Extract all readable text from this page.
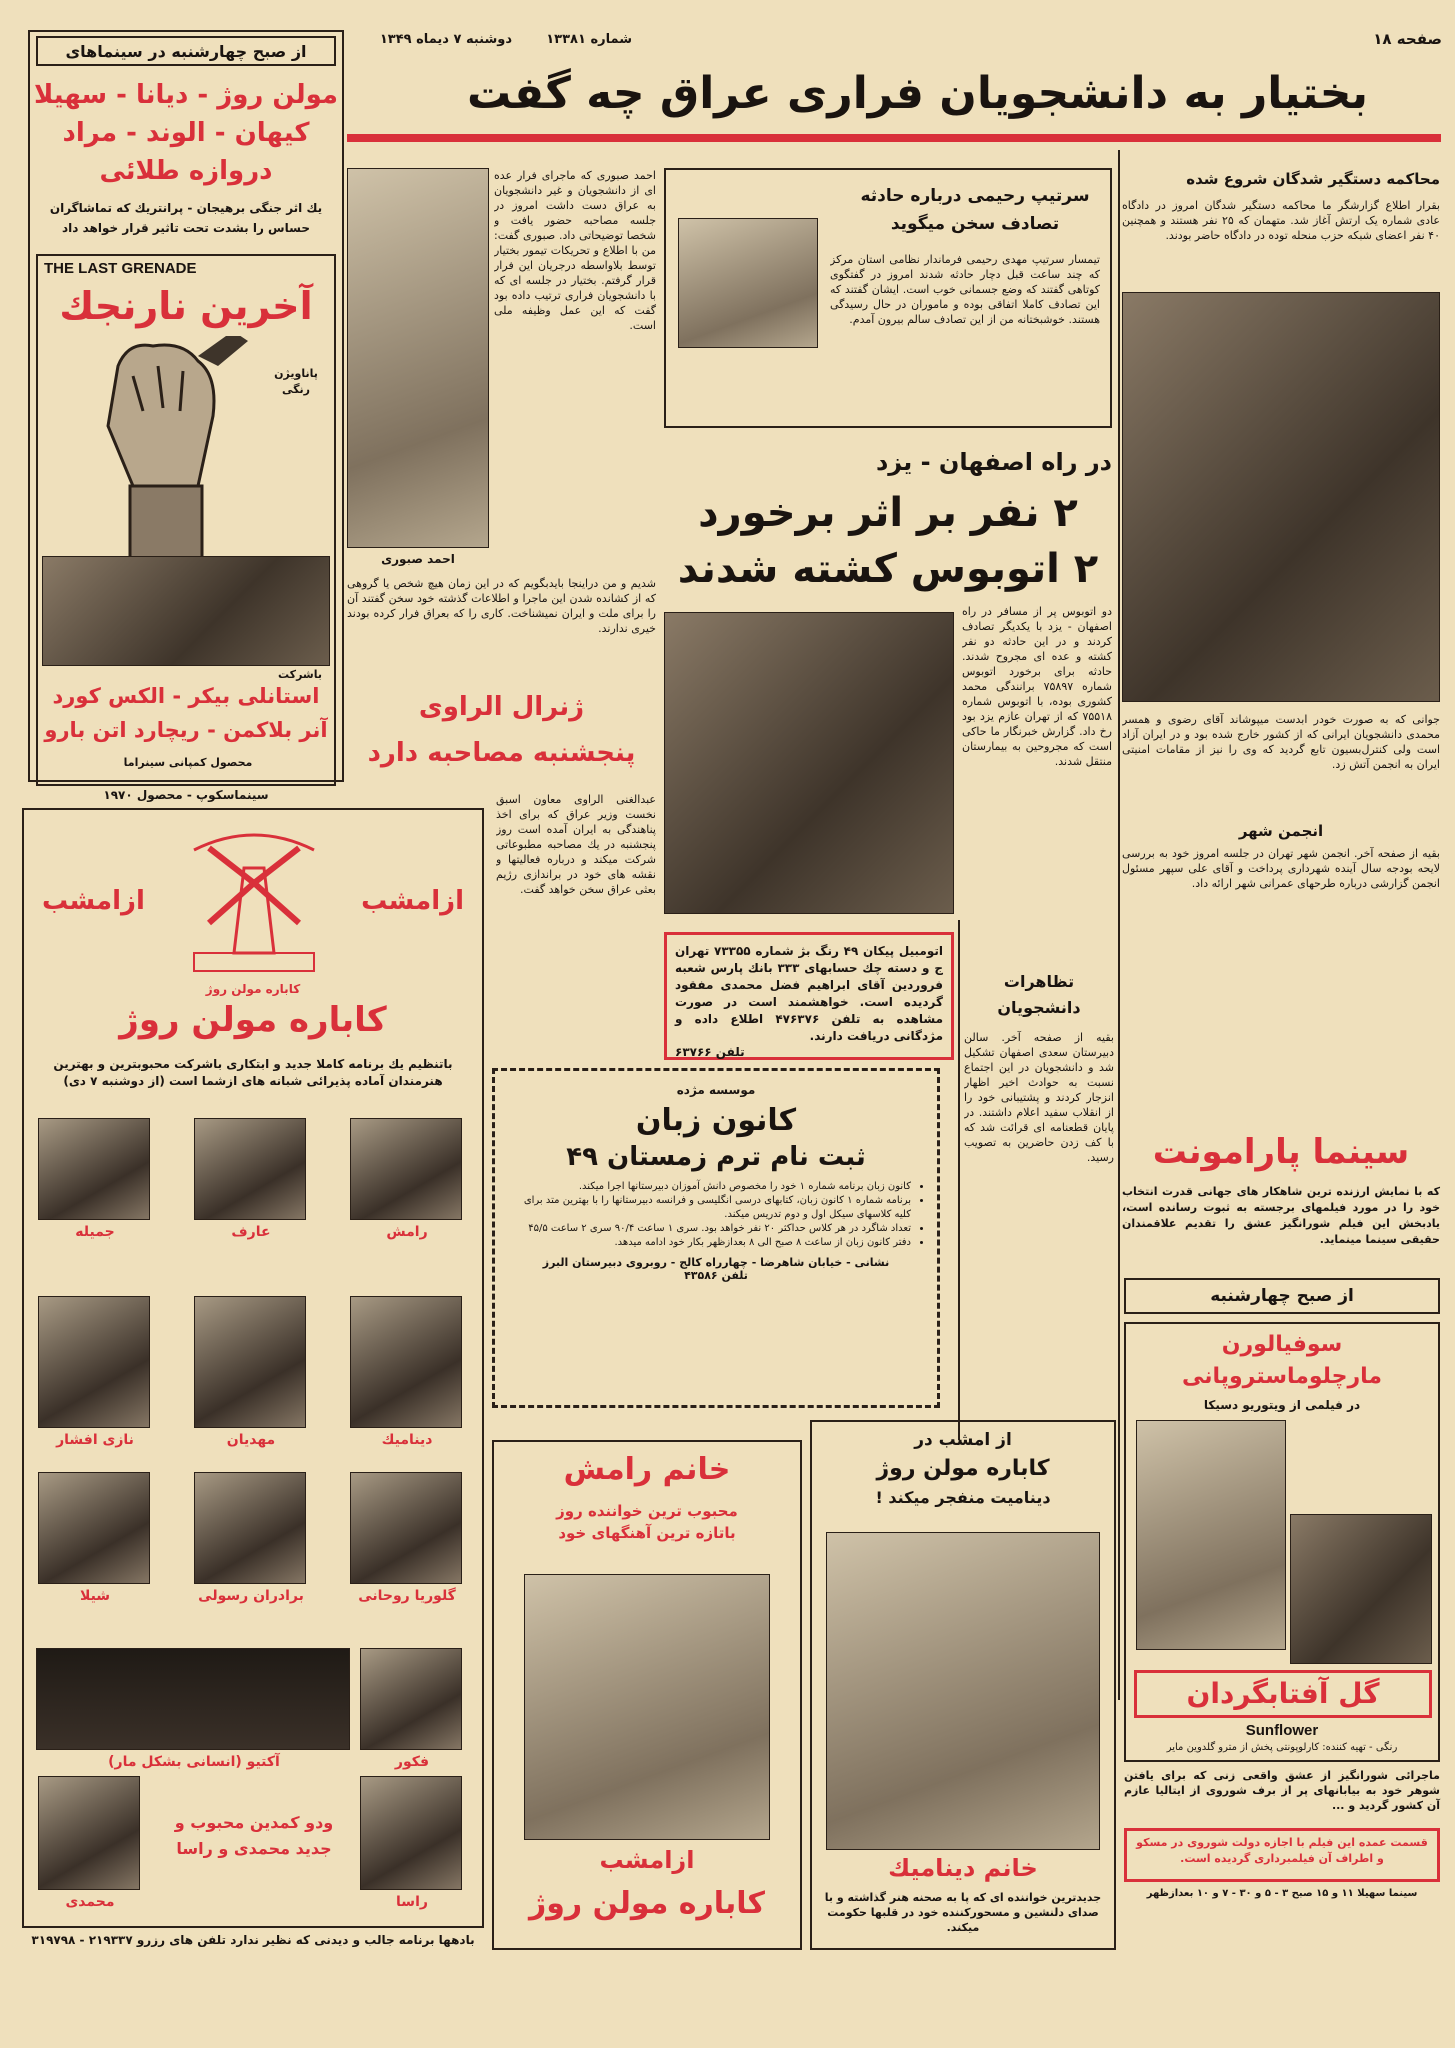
صفحه ۱۸
شماره ۱۳۳۸۱
دوشنبه ۷ دیماه ۱۳۴۹
بختیار به دانشجویان فراری عراق چه گفت
از صبح چهارشنبه در سینماهای
مولن روژ - دیانا - سهیلا
کیهان - الوند - مراد
دروازه طلائی
یك اثر جنگی برهیجان - پرانتریك كه تماشاگران حساس را بشدت تحت تاثیر قرار خواهد داد
THE LAST GRENADE
آخرین نارنجك
پاناویژن رنگی
باشرکت
استانلی بیکر - الکس کورد
آنر بلاکمن - ریچارد اتن بارو
محصول کمپانی سینراما
سینماسکوپ - محصول ۱۹۷۰
احمد صبوری
احمد صبوری که ماجرای فرار عده ای از دانشجویان و غیر دانشجویان به عراق دست داشت امروز در جلسه مصاحبه حضور یافت و شخصا توضیحاتی داد. صبوری گفت: من با اطلاع و تحریکات تیمور بختیار توسط بلاواسطه درجریان این فرار قرار گرفتم. بختیار در جلسه ای که با دانشجویان فراری ترتیب داده بود گفت که این عمل وظیفه ملی است.
شدیم و من دراینجا بایدبگویم که در این زمان هیچ شخص یا گروهی که از کشانده شدن این ماجرا و اطلاعات گذشته خود سخن گفتند آن را برای ملت و ایران نمیشناخت. کاری را که بعراق فرار کرده بودند خیری ندارند.
سرتیپ رحیمی درباره حادثه
تصادف سخن میگوید
تیمسار سرتیپ مهدی رحیمی فرماندار نظامی استان مرکز که چند ساعت قبل دچار حادثه شدند امروز در گفتگوی کوتاهی گفتند که وضع جسمانی خوب است. ایشان گفتند که این تصادف کاملا اتفاقی بوده و ماموران در حال رسیدگی هستند. خوشبختانه من از این تصادف سالم بیرون آمدم.
محاکمه دستگیر شدگان شروع شده
بقرار اطلاع گزارشگر ما محاکمه دستگیر شدگان امروز در دادگاه عادی شماره یک ارتش آغاز شد. متهمان که ۲۵ نفر هستند و همچنین ۴۰ نفر اعضای شبکه حزب منحله توده در دادگاه حاضر بودند.
جوانی که به صورت خودر ابدست میپوشاند آقای رضوی و همسر محمدی دانشجویان ایرانی که از کشور خارج شده بود و در ایران آزاد است ولی کنترل‌بسیون تابع گردید که وی را نیز از مقامات امنیتی ایران به انجمن آتش زد.
در راه اصفهان - یزد
۲ نفر بر اثر برخورد
۲ اتوبوس کشته شدند
دو اتوبوس پر از مسافر در راه اصفهان - یزد با یکدیگر تصادف کردند و در این حادثه دو نفر کشته و عده ای مجروح شدند. حادثه برای برخورد اتوبوس شماره ۷۵۸۹۷ برانندگی محمد کشوری بوده، با اتوبوس شماره ۷۵۵۱۸ که از تهران عازم یزد بود رخ داد. گزارش خبرنگار ما حاکی است که مجروحین به بیمارستان منتقل شدند.
اتومبیل پیکان ۴۹ رنگ بژ شماره ۷۳۳۵۵ تهران ج و دسته چك حسابهای ۳۳۳ بانك پارس شعبه فروردین آقای ابراهیم فضل محمدی مفقود گردیده است. خواهشمند است در صورت مشاهده به تلفن ۴۷۶۳۷۶ اطلاع داده و مژدگانی دریافت دارند.
تلفن ۶۳۷۶۶
ژنرال الراوی
پنجشنبه مصاحبه دارد
عبدالغنی الراوی معاون اسبق نخست وزیر عراق که برای اخذ پناهندگی به ایران آمده است روز پنجشنبه در یك مصاحبه مطبوعاتی شرکت میکند و درباره فعالیتها و نقشه های خود در براندازی رژیم بعثی عراق سخن خواهد گفت.
تظاهرات
دانشجویان
بقیه از صفحه آخر. سالن دبیرستان سعدی اصفهان تشکیل شد و دانشجویان در این اجتماع نسبت به حوادث اخیر اظهار انزجار کردند و پشتیبانی خود را از انقلاب سفید اعلام داشتند. در پایان قطعنامه ای قرائت شد که با کف زدن حاضرین به تصویب رسید.
انجمن شهر
بقیه از صفحه آخر. انجمن شهر تهران در جلسه امروز خود به بررسی لایحه بودجه سال آینده شهرداری پرداخت و آقای علی سپهر مسئول انجمن گزارشی درباره طرحهای عمرانی شهر ارائه داد.
سینما پارامونت
که با نمایش ارزنده ترین شاهکار های جهانی قدرت انتخاب خود را در مورد فیلمهای برجسته به ثبوت رسانده است، یادبخش این فیلم شورانگیز عشق را تقدیم علاقمندان حقیقی سینما مینماید.
از صبح چهارشنبه
سوفیالورن
مارچلوماستروپانی
در فیلمی از ویتوریو دسیکا
گل آفتابگردان
Sunflower
رنگی - تهیه کننده: کارلوپونتی پخش از مترو گلدوین مایر
ماجرائی شورانگیز از عشق واقعی زنی که برای یافتن شوهر خود به بیابانهای پر از برف شوروی از ایتالیا عازم آن کشور گردید و ...
قسمت عمده این فیلم با اجازه دولت شوروی در مسکو و اطراف آن فیلمبرداری گردیده است.
سینما سهیلا ۱۱ و ۱۵ صبح ۳ - ۵ و ۳۰ - ۷ و ۱۰ بعدازظهر
ازامشب
ازامشب
کاباره مولن روژ
کاباره مولن روژ
باتنظیم یك برنامه کاملا جدید و ابتکاری باشرکت محبوبترین و بهترین هنرمندان آماده پذیرائی شبانه های ازشما است (از دوشنبه ۷ دی)
رامش
عارف
جمیله
دینامیك
مهدیان
نازی افشار
گلوریا روحانی
برادران رسولی
شیلا
فکور
آکتیو (انسانی بشکل مار)
راسا
محمدی
ودو کمدین محبوب و جدید محمدی و راسا
بادهها برنامه جالب و دیدنی که نظیر ندارد تلفن های رزرو ۲۱۹۳۳۷ - ۳۱۹۷۹۸
موسسه مژده
کانون زبان
ثبت نام ترم زمستان ۴۹
• کانون زبان برنامه شماره ۱ خود را مخصوص دانش آموزان دبیرستانها اجرا میکند.
• برنامه شماره ۱ کانون زبان، کتابهای درسی انگلیسی و فرانسه دبیرستانها را با بهترین متد برای کلیه کلاسهای سیکل اول و دوم تدریس میکند.
• تعداد شاگرد در هر کلاس حداکثر ۲۰ نفر خواهد بود. سری ۱ ساعت ۹۰/۴ سری ۲ ساعت ۴۵/۵
• دفتر کانون زبان از ساعت ۸ صبح الی ۸ بعدازظهر بکار خود ادامه میدهد.
نشانی - خیابان شاهرضا - چهارراه کالج - روبروی دبیرستان البرز
تلفن ۴۳۵۸۶
خانم رامش
محبوب ترین خواننده روز
باتازه ترین آهنگهای خود
ازامشب
کاباره مولن روژ
از امشب در
کاباره مولن روژ
دینامیت منفجر میکند !
خانم دینامیك
جدیدترین خواننده ای که پا به صحنه هنر گذاشته و با صدای دلنشین و مسحورکننده خود در قلبها حکومت میکند.
